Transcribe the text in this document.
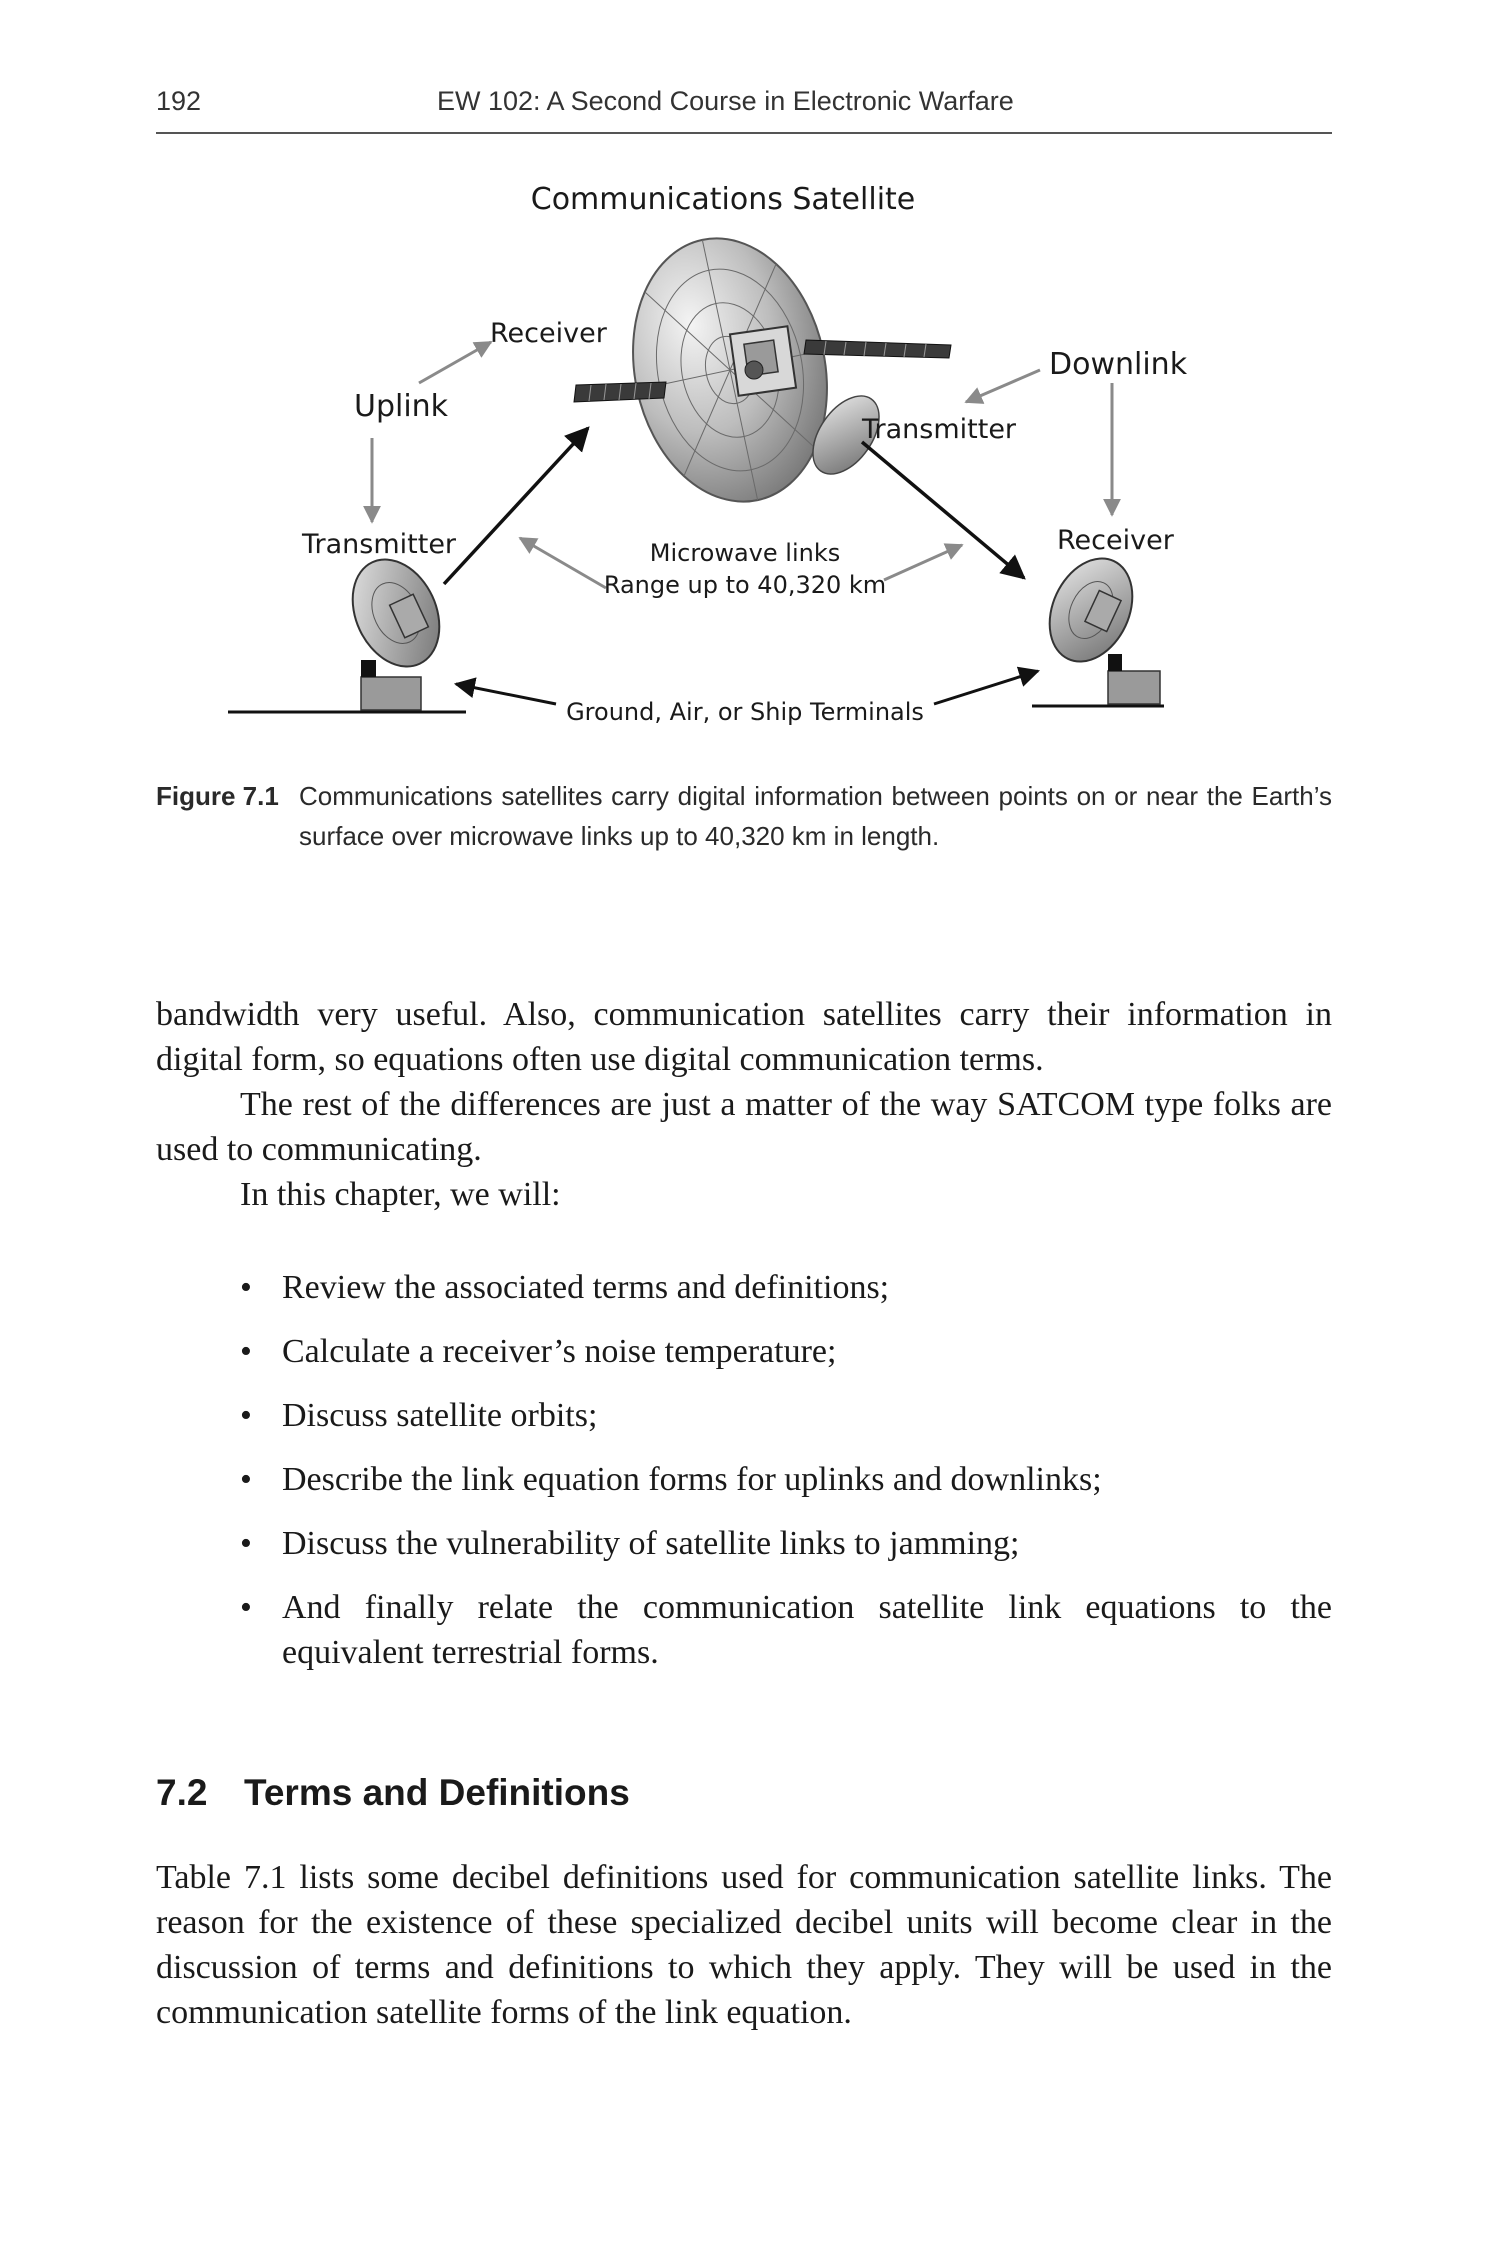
192	EW 102: A Second Course in Electronic Warfare
Communications Satellite
Receiver
Uplink
Downlink
Transmitter
Transmitter	Receiver
Microwave links
Range up to 40,320 km
Ground, Air, or Ship Terminals
Figure 7.1 Communications satellites carry digital information between points on or near the Earth’s surface over microwave links up to 40,320 km in length.

bandwidth very useful. Also, communication satellites carry their information in digital form, so equations often use digital communication terms.

The rest of the differences are just a matter of the way SATCOM type folks are used to communicating.

In this chapter, we will:

• Review the associated terms and definitions;
• Calculate a receiver’s noise temperature;
• Discuss satellite orbits;
• Describe the link equation forms for uplinks and downlinks;
• Discuss the vulnerability of satellite links to jamming;
• And finally relate the communication satellite link equations to the equivalent terrestrial forms.
7.2 Terms and Definitions

Table 7.1 lists some decibel definitions used for communication satellite links. The reason for the existence of these specialized decibel units will become clear in the discussion of terms and definitions to which they apply. They will be used in the communication satellite forms of the link equation.
